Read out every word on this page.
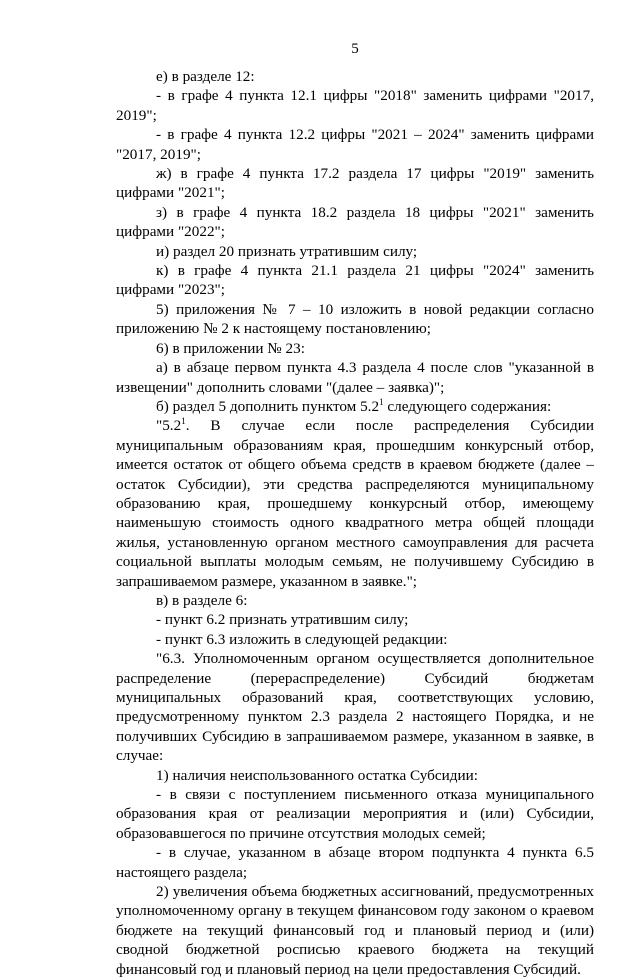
5

е) в разделе 12:

- в графе 4 пункта 12.1 цифры "2018" заменить цифрами "2017, 2019";

- в графе 4 пункта 12.2 цифры "2021 – 2024" заменить цифрами "2017, 2019";

ж) в графе 4 пункта 17.2 раздела 17 цифры "2019" заменить цифрами "2021";

з) в графе 4 пункта 18.2 раздела 18 цифры "2021" заменить цифрами "2022";

и) раздел 20 признать утратившим силу;

к) в графе 4 пункта 21.1 раздела 21 цифры "2024" заменить цифрами "2023";

5) приложения № 7 – 10 изложить в новой редакции согласно приложению № 2 к настоящему постановлению;

6) в приложении № 23:

а) в абзаце первом пункта 4.3 раздела 4 после слов "указанной в извещении" дополнить словами "(далее – заявка)";

б) раздел 5 дополнить пунктом $5.2^1$ следующего содержания:

"$5.2^1$. В случае если после распределения Субсидии муниципальным образованиям края, прошедшим конкурсный отбор, имеется остаток от общего объема средств в краевом бюджете (далее – остаток Субсидии), эти средства распределяются муниципальному образованию края, прошедшему конкурсный отбор, имеющему наименьшую стоимость одного квадратного метра общей площади жилья, установленную органом местного самоуправления для расчета социальной выплаты молодым семьям, не получившему Субсидию в запрашиваемом размере, указанном в заявке.";

в) в разделе 6:

- пункт 6.2 признать утратившим силу;

- пункт 6.3 изложить в следующей редакции:

"6.3. Уполномоченным органом осуществляется дополнительное распределение (перераспределение) Субсидий бюджетам муниципальных образований края, соответствующих условию, предусмотренному пунктом 2.3 раздела 2 настоящего Порядка, и не получивших Субсидию в запрашиваемом размере, указанном в заявке, в случае:

1) наличия неиспользованного остатка Субсидии:

- в связи с поступлением письменного отказа муниципального образования края от реализации мероприятия и (или) Субсидии, образовавшегося по причине отсутствия молодых семей;

- в случае, указанном в абзаце втором подпункта 4 пункта 6.5 настоящего раздела;

2) увеличения объема бюджетных ассигнований, предусмотренных уполномоченному органу в текущем финансовом году законом о краевом бюджете на текущий финансовый год и плановый период и (или) сводной бюджетной росписью краевого бюджета на текущий финансовый год и плановый период на цели предоставления Субсидий.
